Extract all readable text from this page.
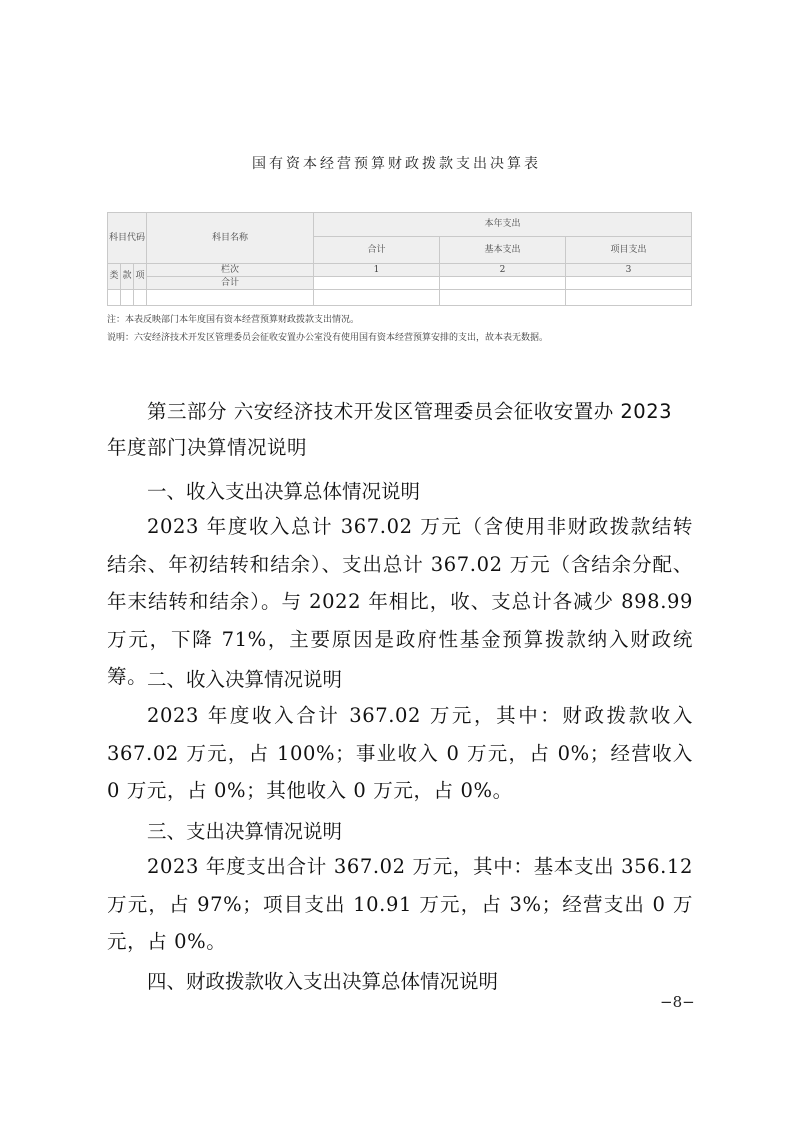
国有资本经营预算财政拨款支出决算表
科目代码			科目名称	本年支出		
				合计	基本支出	项目支出
类	款	项	栏次	1	2	3
			合计			

注：本表反映部门本年度国有资本经营预算财政拨款支出情况。
说明：六安经济技术开发区管理委员会征收安置办公室没有使用国有资本经营预算安排的支出，故本表无数据。
第三部分 六安经济技术开发区管理委员会征收安置办 2023 年度部门决算情况说明
一、收入支出决算总体情况说明
2023 年度收入总计 367.02 万元（含使用非财政拨款结转结余、年初结转和结余）、支出总计 367.02 万元（含结余分配、年末结转和结余）。与 2022 年相比，收、支总计各减少 898.99 万元，下降 71%，主要原因是政府性基金预算拨款纳入财政统筹。 二、收入决算情况说明
2023 年度收入合计 367.02 万元，其中：财政拨款收入 367.02 万元，占 100%；事业收入 0 万元，占 0%；经营收入 0 万元，占 0%；其他收入 0 万元，占 0%。
三、支出决算情况说明
2023 年度支出合计 367.02 万元，其中：基本支出 356.12 万元，占 97%；项目支出 10.91 万元，占 3%；经营支出 0 万元，占 0%。
四、财政拨款收入支出决算总体情况说明
−8−
